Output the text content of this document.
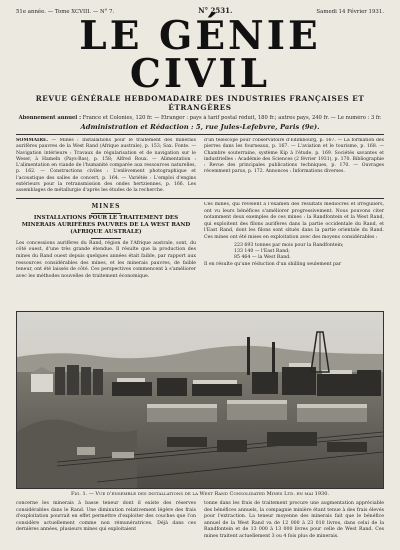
51e année. — Tome XCVIII. — N° 7.	N° 2531.	Samedi 14 Février 1931.
LE GÉNIE CIVIL
REVUE GÉNÉRALE HEBDOMADAIRE DES INDUSTRIES FRANÇAISES ET ÉTRANGÈRES
Abonnement annuel : France et Colonies, 120 fr. — Étranger : pays à tarif postal réduit, 180 fr.; autres pays, 240 fr. — Le numéro : 3 fr.
Administration et Rédaction : 5, rue Jules-Lefebvre, Paris (9e).
SOMMAIRE. — Mines : Installations pour le traitement des minerais aurifères pauvres de la West Rand (Afrique australe), p. 153; Sax. Fonte. — Navigation intérieure : Travaux de régularisation et de navigation sur le Weser, à Hameln (Pays-Bas), p. 158; Alfred Roux. — Alimentation : L'alimentation en viande de l'humanité comparée aux ressources naturelles, p. 162. — Constructions civiles : L'enlèvement photographique et l'acoustique des salles de concert, p. 164. — Variétés : L'emploi d'engins extérieurs pour la retransmission des ondes hertziennes, p. 166. Les assemblages de métallurgie d'après les études de la recherche.
d'un télescope pour l'observatoire d'Édimbourg, p. 167. — La formation des pierres dans les fourneaux, p. 167. — L'aviation et le tourisme, p. 168. — Chambre souterraine, système Kip à l'étude, p. 169. Sociétés savantes et industrielles : Académie des Sciences (2 février 1931), p. 170. Bibliographie : Revue des principales publications techniques, p. 170. — Ouvrages récemment parus, p. 172. Annonces : Informations diverses.
MINES
INSTALLATIONS POUR LE TRAITEMENT DES MINERAIS AURIFÈRES PAUVRES DE LA WEST RAND (AFRIQUE AUSTRALE)
Les concessions aurifères du Rand, région de l'Afrique australe, sont, du côté ouest, d'une très grande étendue. Il résulte que la production des mines du Rand ouest depuis quelques années était faible, par rapport aux ressources considérables des mines, et les minerais pauvres, de faible teneur, ont été laissés de côté. Ces perspectives commencent à s'améliorer avec les méthodes nouvelles de traitement économique.
Ces mines, qui révèlent à l'examen des résultats médiocres et irréguliers, ont vu leurs bénéfices s'améliorer progressivement. Nous pouvons citer notamment deux exemples de ces mines : la Randfontein et la West Rand, qui exploitent des filons aurifères dans la partie occidentale du Rand, et l'East Rand, dont les filons sont situés dans la partie orientale du Rand. Ces mines ont été mises en exploitation avec des moyens considérables :
223 693 tonnes par mois pour la Randfontein;
133 140 — l'East Rand;
85 464 — la West Rand.
Il en résulte qu'une réduction d'un shilling seulement par
Fig. 1. — Vue d'ensemble des installations de la West Rand Consolidated Mines Ltd. en mai 1930.
concerne les minerais à basse teneur dont il existe des réserves considérables dans le Rand. Une diminution relativement légère des frais d'exploitation pourrait en effet permettre d'exploiter des couches que l'on considère actuellement comme non rémunératrices. Déjà dans ces dernières années, plusieurs mines qui exploitaient
tonne dans les frais de traitement procure une augmentation appréciable des bénéfices annuels, la compagnie minière étant tenue à des frais élevés pour l'extraction. La teneur moyenne des minerais fait que le bénéfice annuel de la West Rand va de 12 000 à 23 010 livres, dans celui de la Randfontein et de 13 000 à 13 000 livres pour celle de West Rand. Ces mines traitent actuellement 3 ou 4 fois plus de minerais.
